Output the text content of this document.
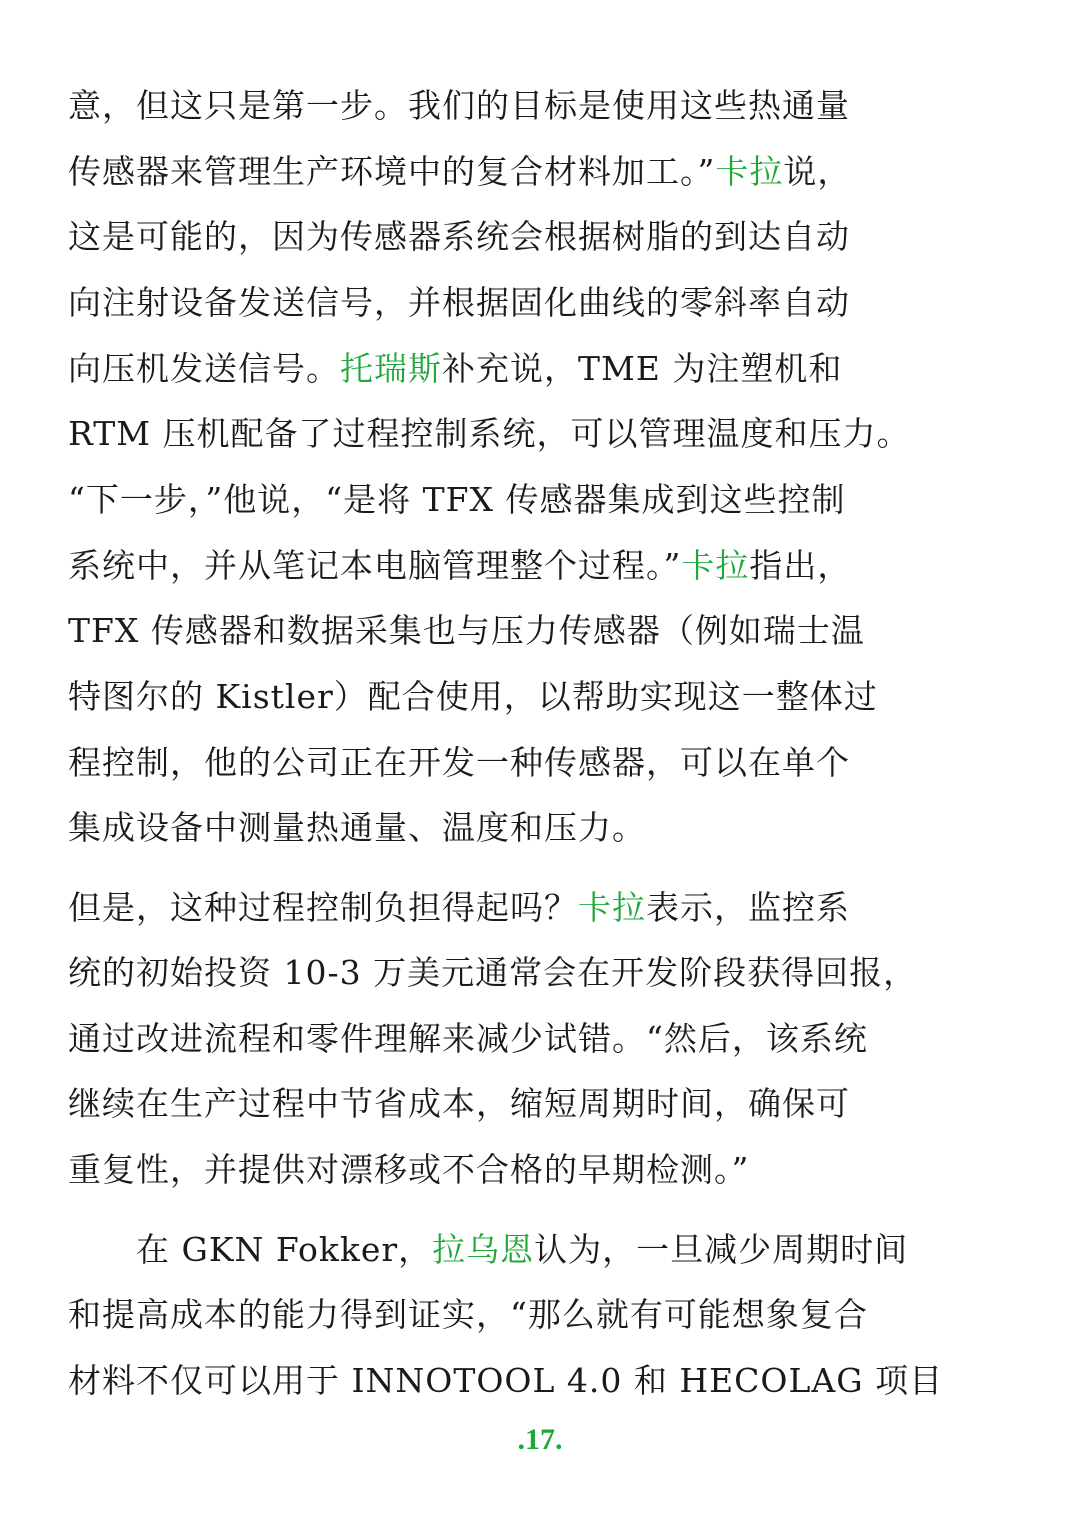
意，但这只是第一步。我们的目标是使用这些热通量
传感器来管理生产环境中的复合材料加工。”卡拉说，
这是可能的，因为传感器系统会根据树脂的到达自动
向注射设备发送信号，并根据固化曲线的零斜率自动
向压机发送信号。托瑞斯补充说，TME 为注塑机和
RTM 压机配备了过程控制系统，可以管理温度和压力。
“下一步，”他说，“是将 TFX 传感器集成到这些控制
系统中，并从笔记本电脑管理整个过程。”卡拉指出，
TFX 传感器和数据采集也与压力传感器（例如瑞士温
特图尔的 Kistler）配合使用，以帮助实现这一整体过
程控制，他的公司正在开发一种传感器，可以在单个
集成设备中测量热通量、温度和压力。
但是，这种过程控制负担得起吗？卡拉表示，监控系
统的初始投资 10-3 万美元通常会在开发阶段获得回报，
通过改进流程和零件理解来减少试错。“然后，该系统
继续在生产过程中节省成本，缩短周期时间，确保可
重复性，并提供对漂移或不合格的早期检测。”
　　在 GKN Fokker，拉乌恩认为，一旦减少周期时间
和提高成本的能力得到证实，“那么就有可能想象复合
材料不仅可以用于 INNOTOOL 4.0 和 HECOLAG 项目
.17.
